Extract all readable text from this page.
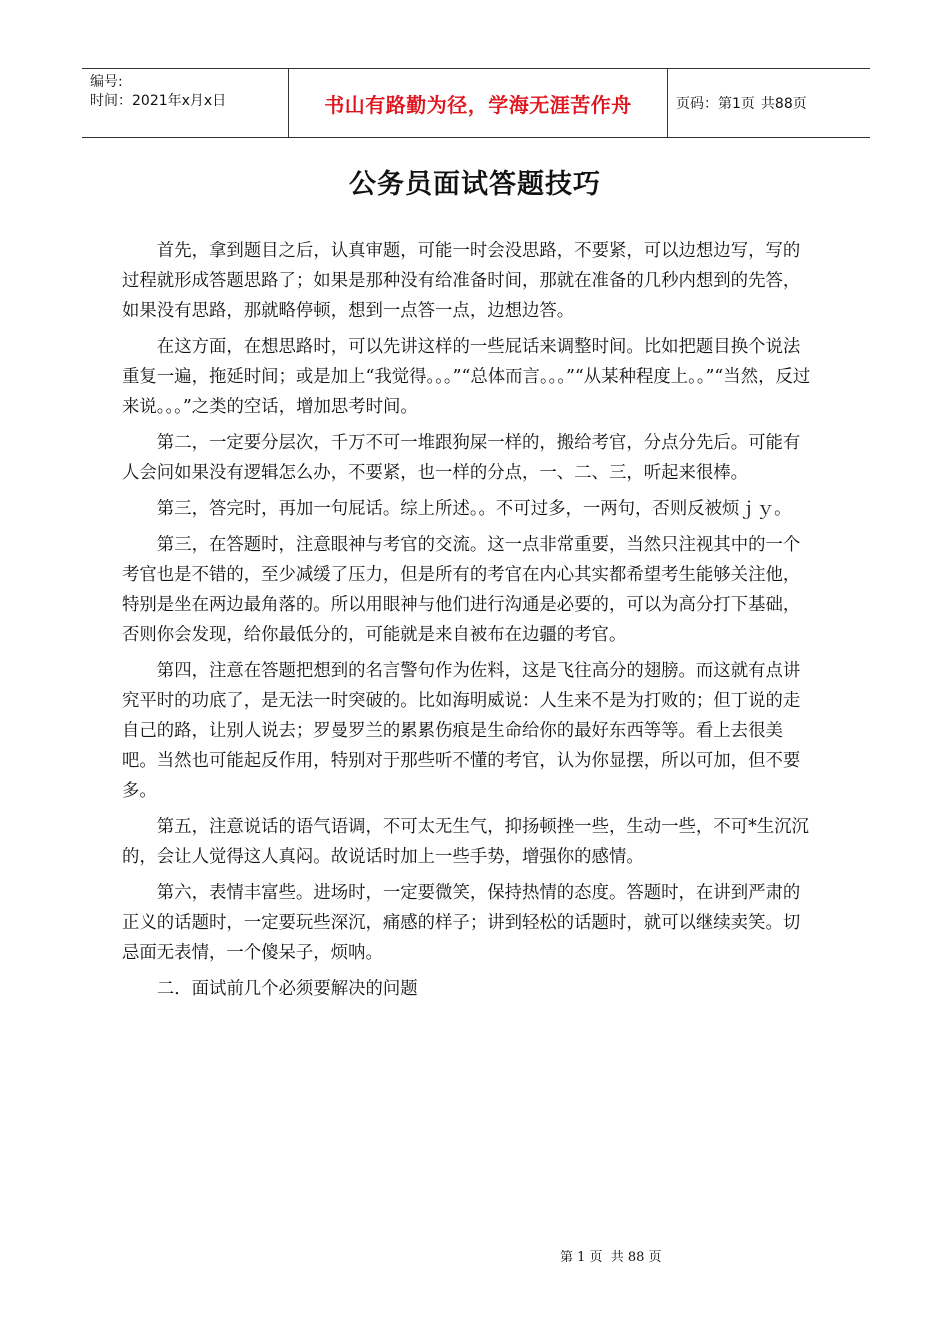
编号:
时间：2021年x月x日	书山有路勤为径，学海无涯苦作舟	页码：第1页 共88页
公务员面试答题技巧

首先，拿到题目之后，认真审题，可能一时会没思路，不要紧，可以边想边写，写的过程就形成答题思路了；如果是那种没有给准备时间，那就在准备的几秒内想到的先答，如果没有思路，那就略停顿，想到一点答一点，边想边答。

在这方面，在想思路时，可以先讲这样的一些屁话来调整时间。比如把题目换个说法重复一遍，拖延时间；或是加上“我觉得。。。”“总体而言。。。”“从某种程度上。。”“当然，反过来说。。。”之类的空话，增加思考时间。

第二，一定要分层次，千万不可一堆跟狗屎一样的，搬给考官，分点分先后。可能有人会问如果没有逻辑怎么办，不要紧，也一样的分点，一、二、三，听起来很棒。

第三，答完时，再加一句屁话。综上所述。。不可过多，一两句，否则反被烦ｊｙ。

第三，在答题时，注意眼神与考官的交流。这一点非常重要，当然只注视其中的一个考官也是不错的，至少减缓了压力，但是所有的考官在内心其实都希望考生能够关注他，特别是坐在两边最角落的。所以用眼神与他们进行沟通是必要的，可以为高分打下基础，否则你会发现，给你最低分的，可能就是来自被布在边疆的考官。

第四，注意在答题把想到的名言警句作为佐料，这是飞往高分的翅膀。而这就有点讲究平时的功底了，是无法一时突破的。比如海明威说：人生来不是为打败的；但丁说的走自己的路，让别人说去；罗曼罗兰的累累伤痕是生命给你的最好东西等等。看上去很美吧。当然也可能起反作用，特别对于那些听不懂的考官，认为你显摆，所以可加，但不要多。

第五，注意说话的语气语调，不可太无生气，抑扬顿挫一些，生动一些，不可*生沉沉的，会让人觉得这人真闷。故说话时加上一些手势，增强你的感情。

第六，表情丰富些。进场时，一定要微笑，保持热情的态度。答题时，在讲到严肃的正义的话题时，一定要玩些深沉，痛感的样子；讲到轻松的话题时，就可以继续卖笑。切忌面无表情，一个傻呆子，烦呐。

二．面试前几个必须要解决的问题

第 1 页 共 88 页
